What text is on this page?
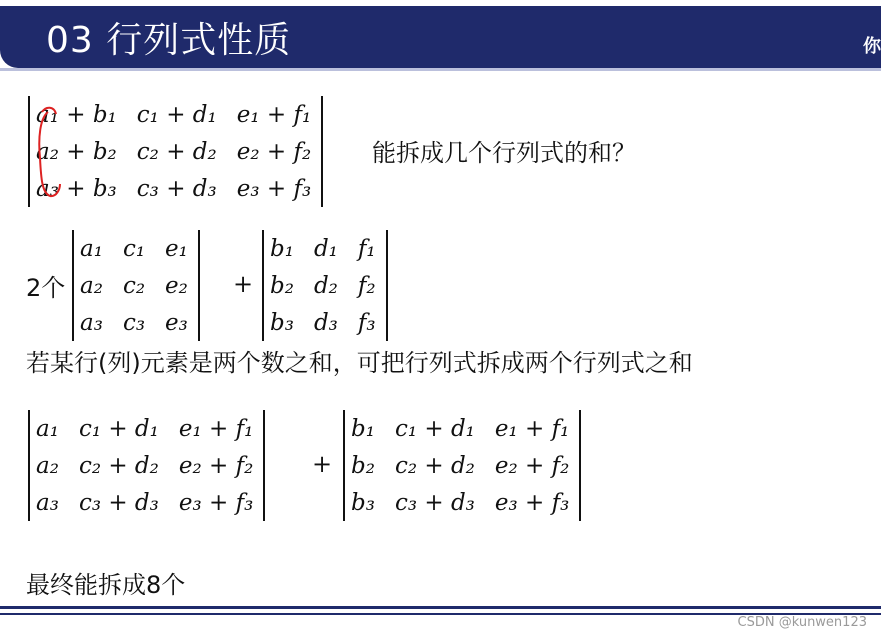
03 行列式性质	你
a₁ + b₁	c₁ + d₁	e₁ + f₁
a₂ + b₂	c₂ + d₂	e₂ + f₂
a₃ + b₃	c₃ + d₃	e₃ + f₃
能拆成几个行列式的和？
2个
a₁	c₁	e₁
a₂	c₂	e₂
a₃	c₃	e₃
+
b₁	d₁	f₁
b₂	d₂	f₂
b₃	d₃	f₃
若某行(列)元素是两个数之和，可把行列式拆成两个行列式之和
a₁	c₁ + d₁	e₁ + f₁
a₂	c₂ + d₂	e₂ + f₂
a₃	c₃ + d₃	e₃ + f₃
+
b₁	c₁ + d₁	e₁ + f₁
b₂	c₂ + d₂	e₂ + f₂
b₃	c₃ + d₃	e₃ + f₃
最终能拆成8个
CSDN @kunwen123
